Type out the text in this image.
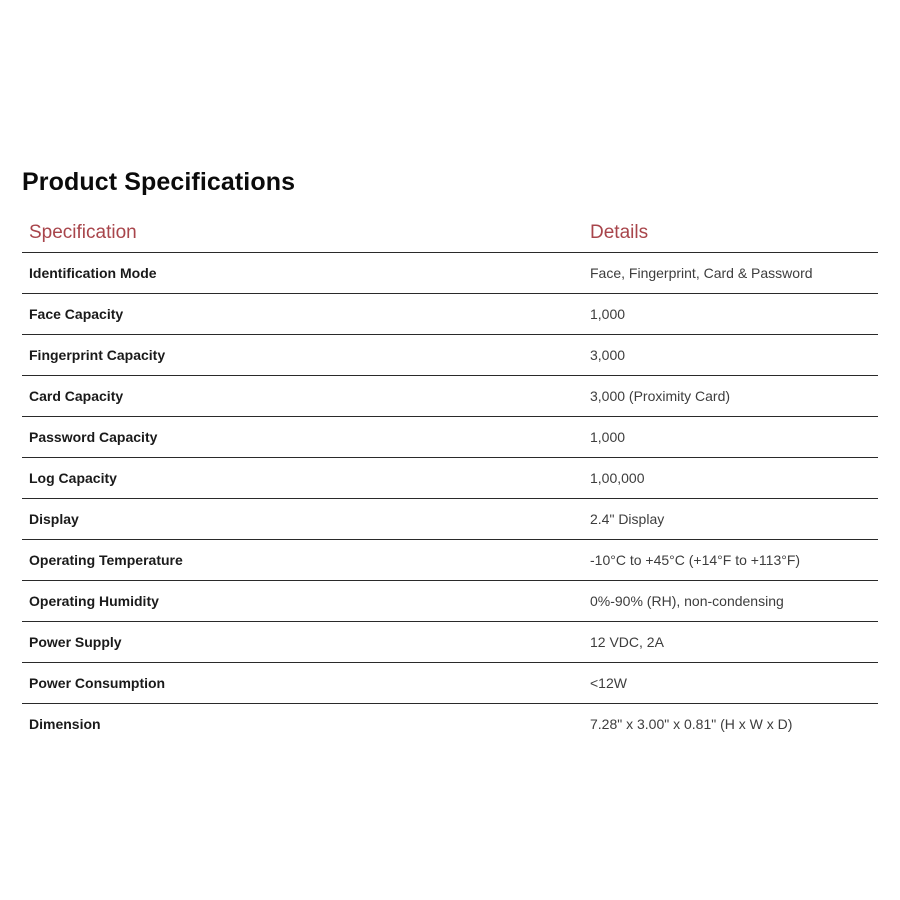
Product Specifications
Specification	Details
Identification Mode	Face, Fingerprint, Card & Password
Face Capacity	1,000
Fingerprint Capacity	3,000
Card Capacity	3,000 (Proximity Card)
Password Capacity	1,000
Log Capacity	1,00,000
Display	2.4" Display
Operating Temperature	-10°C to +45°C (+14°F to +113°F)
Operating Humidity	0%-90% (RH), non-condensing
Power Supply	12 VDC, 2A
Power Consumption	<12W
Dimension	7.28" x 3.00" x 0.81" (H x W x D)
